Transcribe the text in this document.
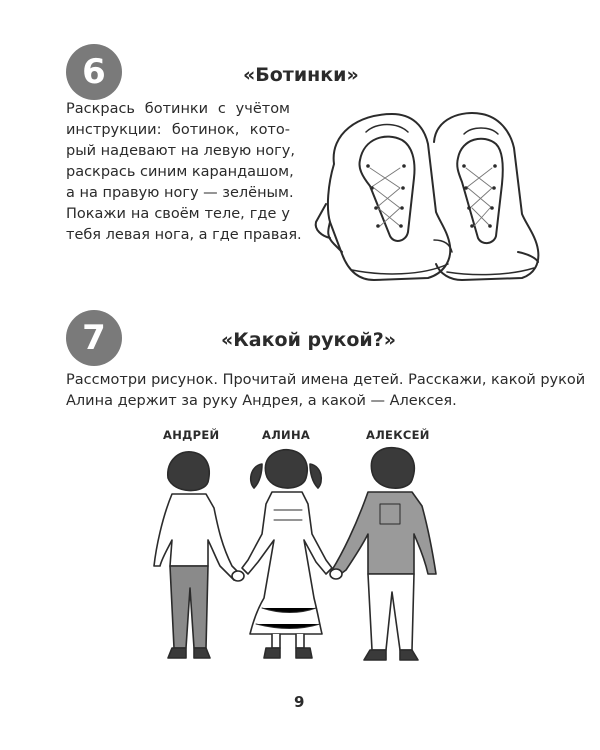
6	«Ботинки»
Раскрась ботинки с учётом
инструкции: ботинок, кото-
рый надевают на левую ногу,
раскрась синим карандашом,
а на правую ногу — зелёным.
Покажи на своём теле, где у
тебя левая нога, а где правая.
7	«Какой рукой?»
Рассмотри рисунок. Прочитай имена детей. Расскажи, какой рукой
Алина держит за руку Андрея, а какой — Алексея.
АНДРЕЙ	АЛИНА	АЛЕКСЕЙ
9
